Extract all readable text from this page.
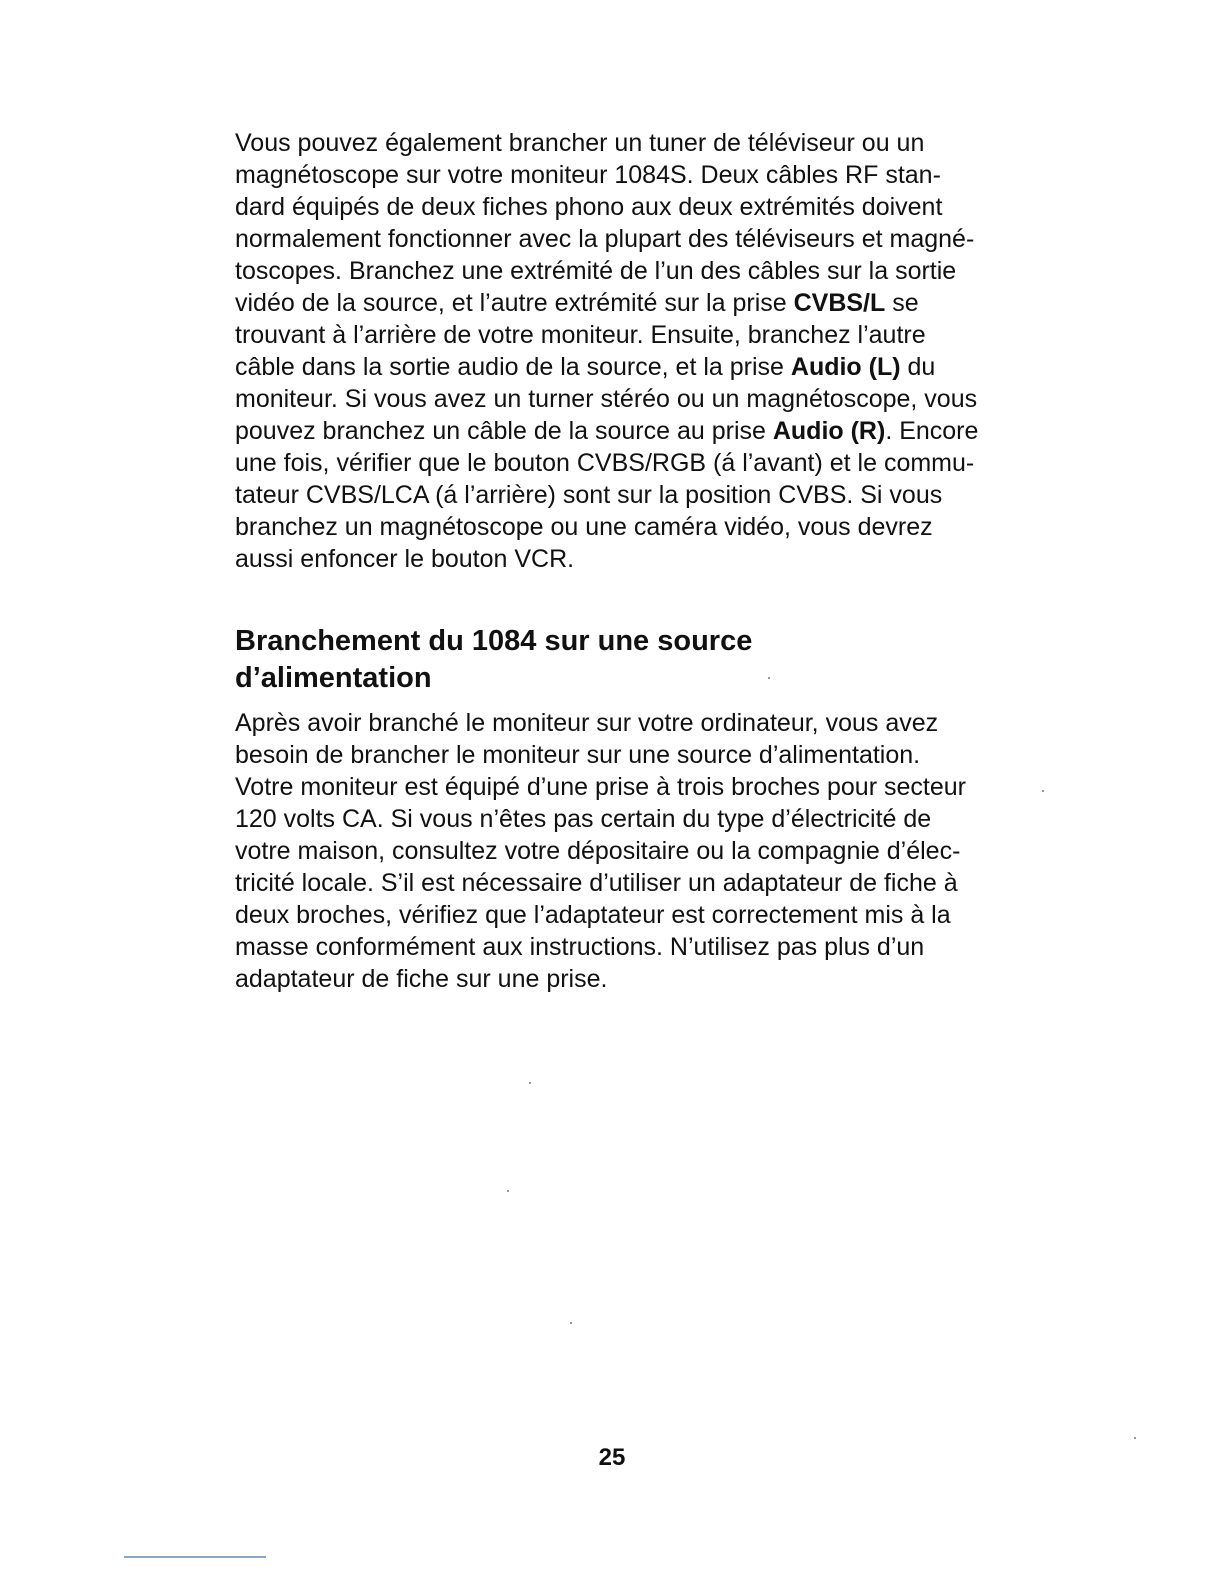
Vous pouvez également brancher un tuner de téléviseur ou un
magnétoscope sur votre moniteur 1084S. Deux câbles RF stan-
dard équipés de deux fiches phono aux deux extrémités doivent
normalement fonctionner avec la plupart des téléviseurs et magné-
toscopes. Branchez une extrémité de l’un des câbles sur la sortie
vidéo de la source, et l’autre extrémité sur la prise CVBS/L se
trouvant à l’arrière de votre moniteur. Ensuite, branchez l’autre
câble dans la sortie audio de la source, et la prise Audio (L) du
moniteur. Si vous avez un turner stéréo ou un magnétoscope, vous
pouvez branchez un câble de la source au prise Audio (R). Encore
une fois, vérifier que le bouton CVBS/RGB (á l’avant) et le commu-
tateur CVBS/LCA (á l’arrière) sont sur la position CVBS. Si vous
branchez un magnétoscope ou une caméra vidéo, vous devrez
aussi enfoncer le bouton VCR.

Branchement du 1084 sur une source
d’alimentation

Après avoir branché le moniteur sur votre ordinateur, vous avez
besoin de brancher le moniteur sur une source d’alimentation.
Votre moniteur est équipé d’une prise à trois broches pour secteur
120 volts CA. Si vous n’êtes pas certain du type d’électricité de
votre maison, consultez votre dépositaire ou la compagnie d’élec-
tricité locale. S’il est nécessaire d’utiliser un adaptateur de fiche à
deux broches, vérifiez que l’adaptateur est correctement mis à la
masse conformément aux instructions. N’utilisez pas plus d’un
adaptateur de fiche sur une prise.

25
